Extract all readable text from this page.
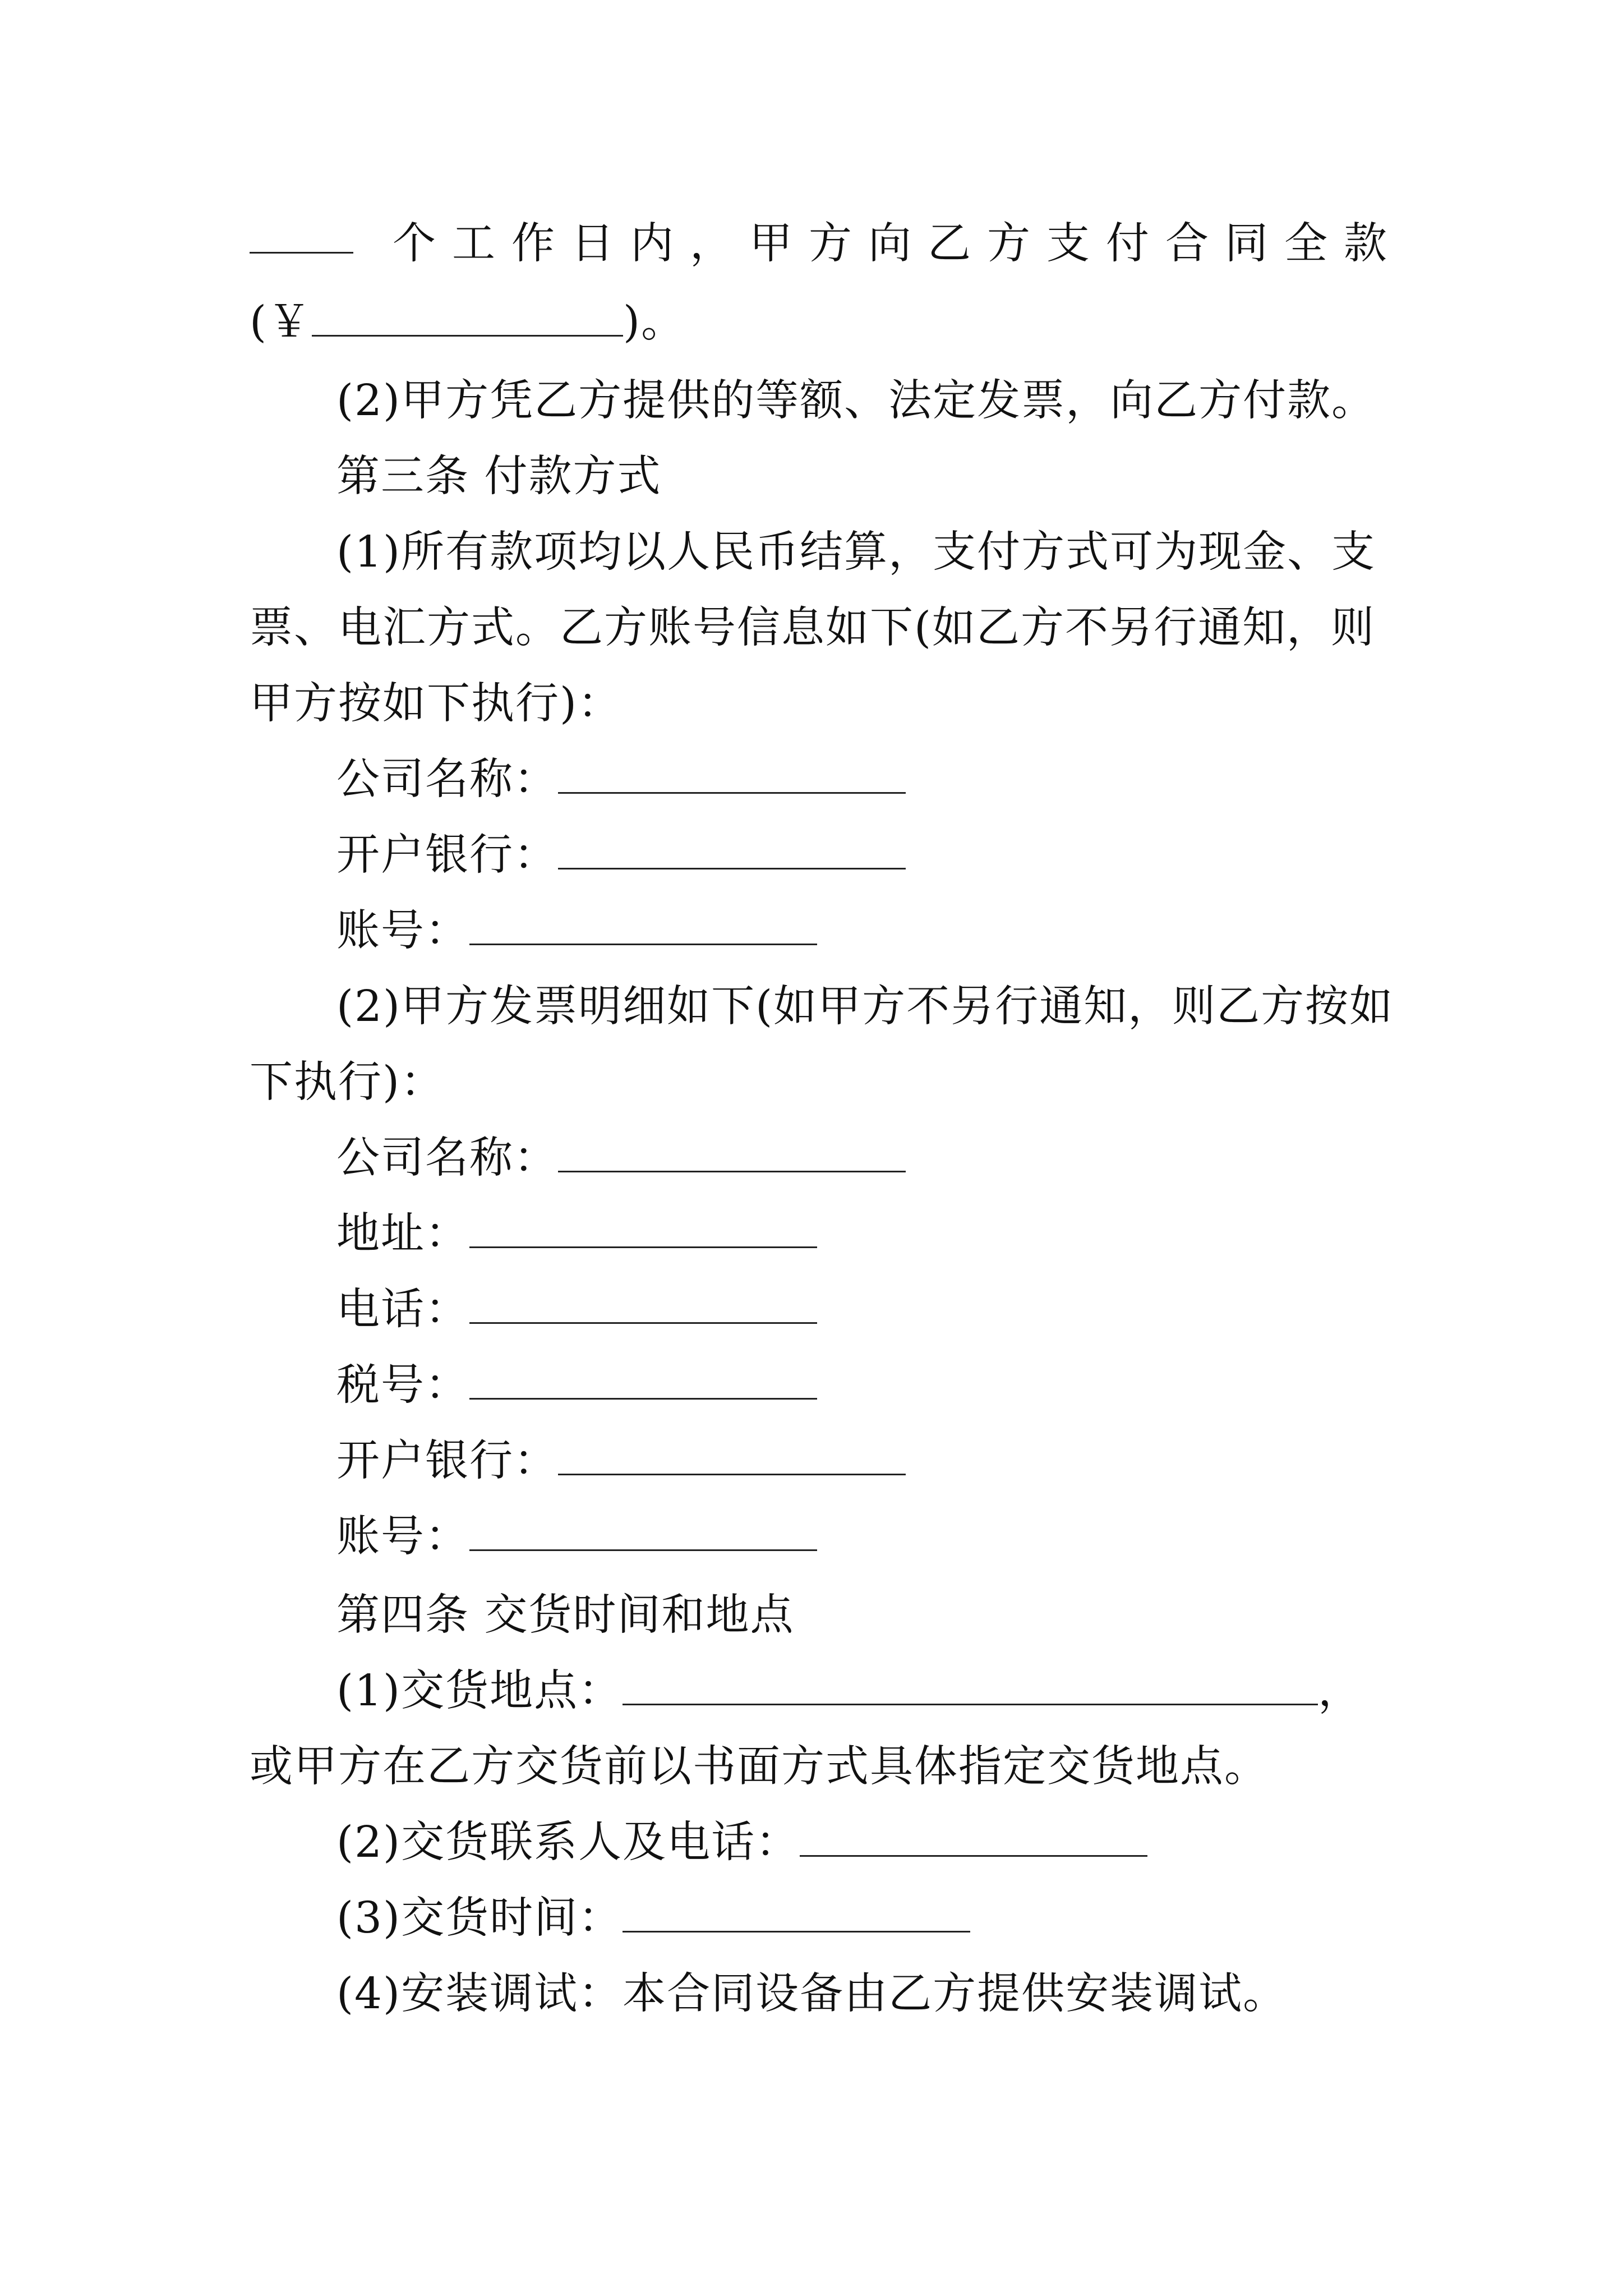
个 工 作 日 内 ， 甲 方 向 乙 方 支 付 合 同 全 款
(￥	)。
(2)甲方凭乙方提供的等额、法定发票，向乙方付款。
第三条 付款方式
(1)所有款项均以人民币结算，支付方式可为现金、支
票、电汇方式。乙方账号信息如下(如乙方不另行通知，则
甲方按如下执行)：
公司名称：
开户银行：
账号：
(2)甲方发票明细如下(如甲方不另行通知，则乙方按如
下执行)：
公司名称：
地址：
电话：
税号：
开户银行：
账号：
第四条 交货时间和地点
(1)交货地点：	，
或甲方在乙方交货前以书面方式具体指定交货地点。
(2)交货联系人及电话：
(3)交货时间：
(4)安装调试：本合同设备由乙方提供安装调试。
